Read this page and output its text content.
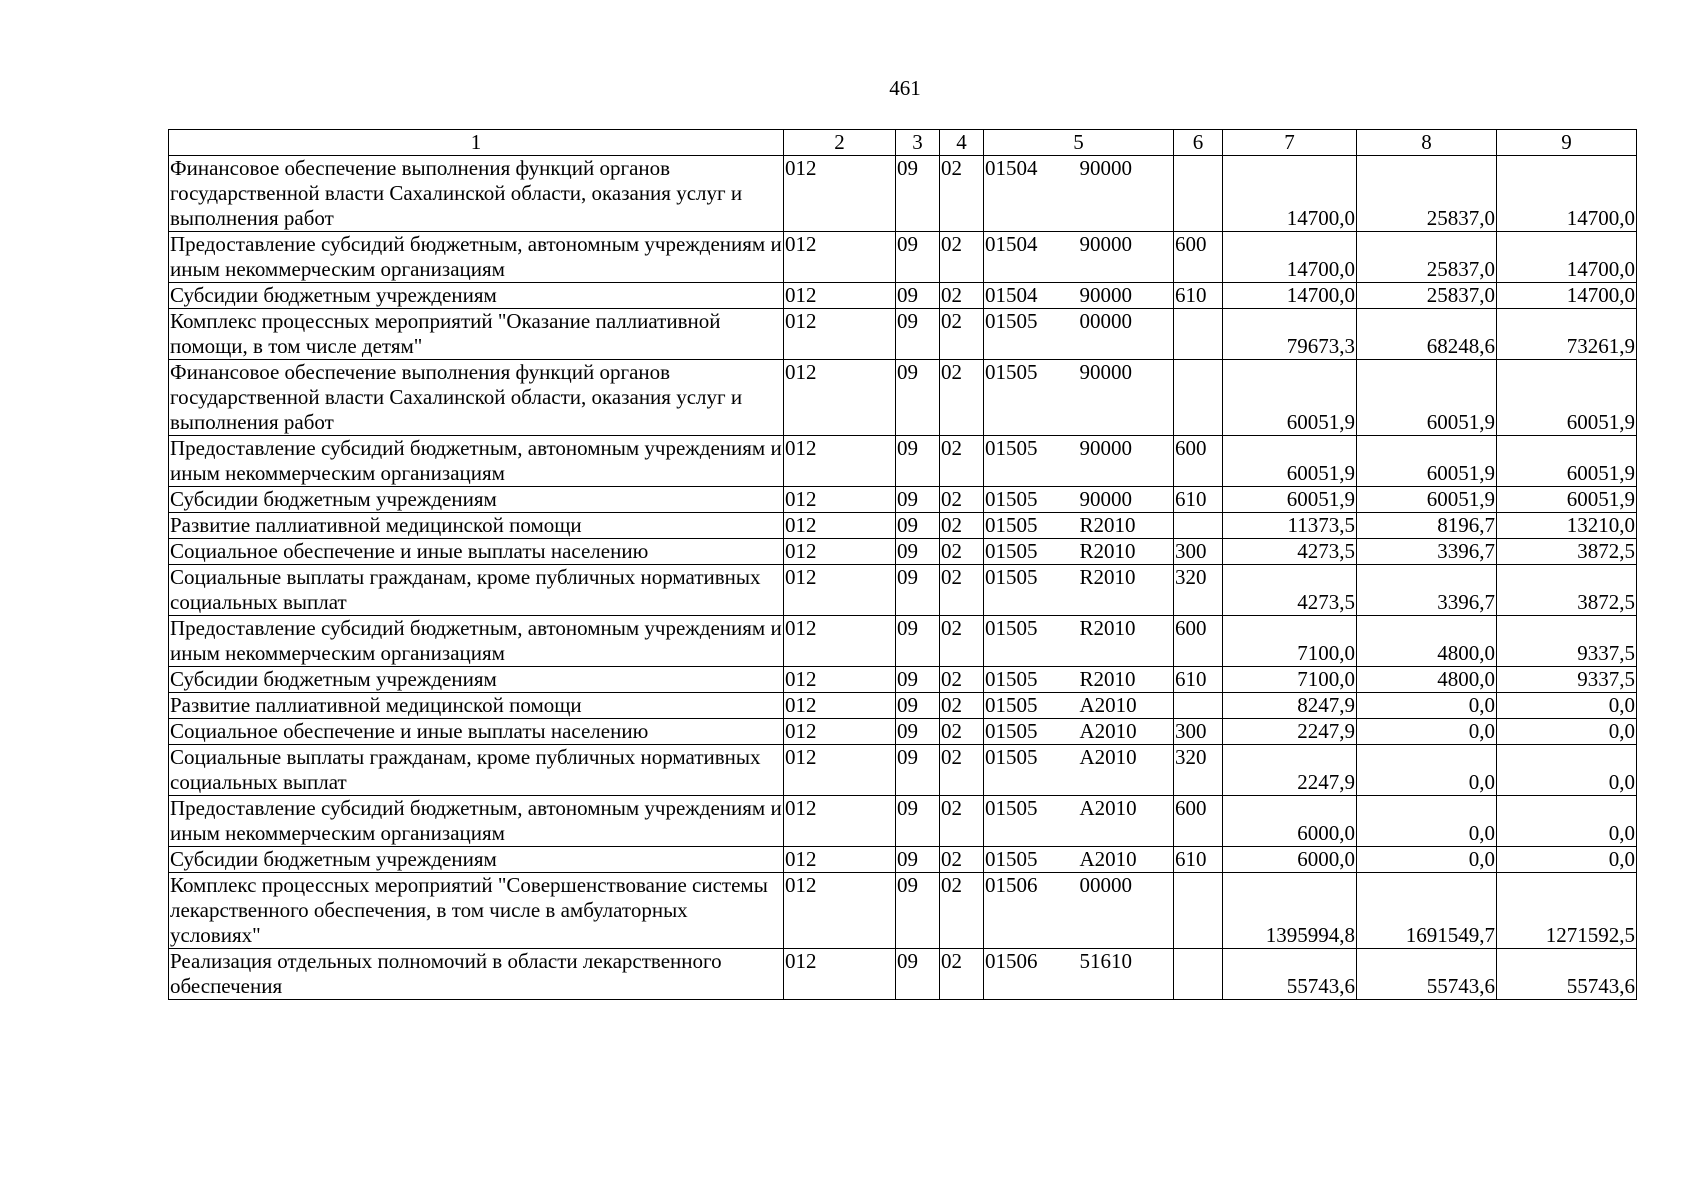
461
1	2	3	4	5		6	7	8	9
Финансовое обеспечение выполнения функций органов государственной власти Сахалинской области, оказания услуг и выполнения работ	012	09	02	01504	90000		14700,0	25837,0	14700,0
Предоставление субсидий бюджетным, автономным учреждениям и иным некоммерческим организациям	012	09	02	01504	90000	600	14700,0	25837,0	14700,0
Субсидии бюджетным учреждениям	012	09	02	01504	90000	610	14700,0	25837,0	14700,0
Комплекс процессных мероприятий "Оказание паллиативной помощи, в том числе детям"	012	09	02	01505	00000		79673,3	68248,6	73261,9
Финансовое обеспечение выполнения функций органов государственной власти Сахалинской области, оказания услуг и выполнения работ	012	09	02	01505	90000		60051,9	60051,9	60051,9
Предоставление субсидий бюджетным, автономным учреждениям и иным некоммерческим организациям	012	09	02	01505	90000	600	60051,9	60051,9	60051,9
Субсидии бюджетным учреждениям	012	09	02	01505	90000	610	60051,9	60051,9	60051,9
Развитие паллиативной медицинской помощи	012	09	02	01505	R2010		11373,5	8196,7	13210,0
Социальное обеспечение и иные выплаты населению	012	09	02	01505	R2010	300	4273,5	3396,7	3872,5
Социальные выплаты гражданам, кроме публичных нормативных социальных выплат	012	09	02	01505	R2010	320	4273,5	3396,7	3872,5
Предоставление субсидий бюджетным, автономным учреждениям и иным некоммерческим организациям	012	09	02	01505	R2010	600	7100,0	4800,0	9337,5
Субсидии бюджетным учреждениям	012	09	02	01505	R2010	610	7100,0	4800,0	9337,5
Развитие паллиативной медицинской помощи	012	09	02	01505	A2010		8247,9	0,0	0,0
Социальное обеспечение и иные выплаты населению	012	09	02	01505	A2010	300	2247,9	0,0	0,0
Социальные выплаты гражданам, кроме публичных нормативных социальных выплат	012	09	02	01505	A2010	320	2247,9	0,0	0,0
Предоставление субсидий бюджетным, автономным учреждениям и иным некоммерческим организациям	012	09	02	01505	A2010	600	6000,0	0,0	0,0
Субсидии бюджетным учреждениям	012	09	02	01505	A2010	610	6000,0	0,0	0,0
Комплекс процессных мероприятий "Совершенствование системы лекарственного обеспечения, в том числе в амбулаторных условиях"	012	09	02	01506	00000		1395994,8	1691549,7	1271592,5
Реализация отдельных полномочий в области лекарственного обеспечения	012	09	02	01506	51610		55743,6	55743,6	55743,6
